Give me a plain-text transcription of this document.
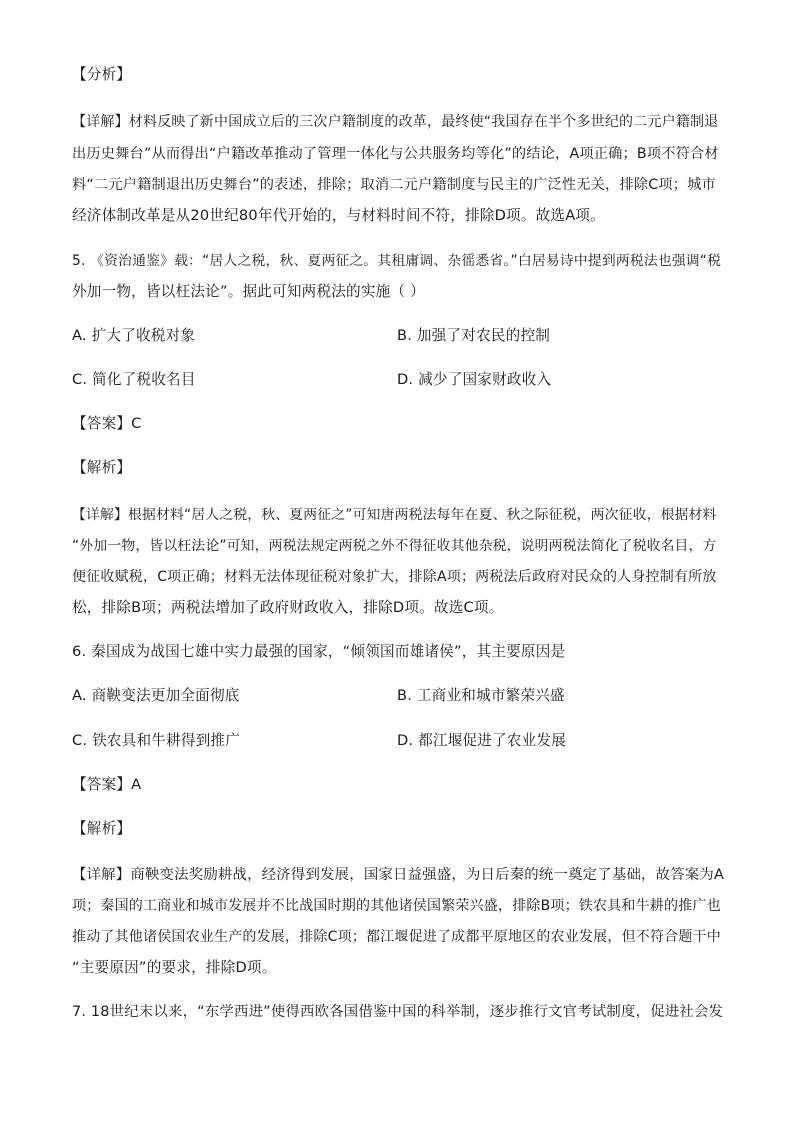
【分析】
【详解】材料反映了新中国成立后的三次户籍制度的改革，最终使“我国存在半个多世纪的二元户籍制退
出历史舞台”从而得出“户籍改革推动了管理一体化与公共服务均等化”的结论，A项正确；B项不符合材
料“二元户籍制退出历史舞台”的表述，排除；取消二元户籍制度与民主的广泛性无关，排除C项；城市
经济体制改革是从20世纪80年代开始的，与材料时间不符，排除D项。故选A项。
5. 《资治通鉴》载：“居人之税，秋、夏两征之。其租庸调、杂徭悉省。”白居易诗中提到两税法也强调“税
外加一物，皆以枉法论”。据此可知两税法的实施（ ）
A. 扩大了收税对象	B. 加强了对农民的控制
C. 简化了税收名目	D. 减少了国家财政收入
【答案】C
【解析】
【详解】根据材料“居人之税，秋、夏两征之”可知唐两税法每年在夏、秋之际征税，两次征收，根据材料
“外加一物，皆以枉法论”可知，两税法规定两税之外不得征收其他杂税，说明两税法简化了税收名目，方
便征收赋税，C项正确；材料无法体现征税对象扩大，排除A项；两税法后政府对民众的人身控制有所放
松，排除B项；两税法增加了政府财政收入，排除D项。故选C项。
6. 秦国成为战国七雄中实力最强的国家，“倾领国而雄诸侯”，其主要原因是
A. 商鞅变法更加全面彻底	B. 工商业和城市繁荣兴盛
C. 铁农具和牛耕得到推广	D. 都江堰促进了农业发展
【答案】A
【解析】
【详解】商鞅变法奖励耕战，经济得到发展，国家日益强盛，为日后秦的统一奠定了基础，故答案为A
项；秦国的工商业和城市发展并不比战国时期的其他诸侯国繁荣兴盛，排除B项；铁农具和牛耕的推广也
推动了其他诸侯国农业生产的发展，排除C项；都江堰促进了成都平原地区的农业发展，但不符合题干中
“主要原因”的要求，排除D项。
7. 18世纪末以来，“东学西进”使得西欧各国借鉴中国的科举制，逐步推行文官考试制度，促进社会发
